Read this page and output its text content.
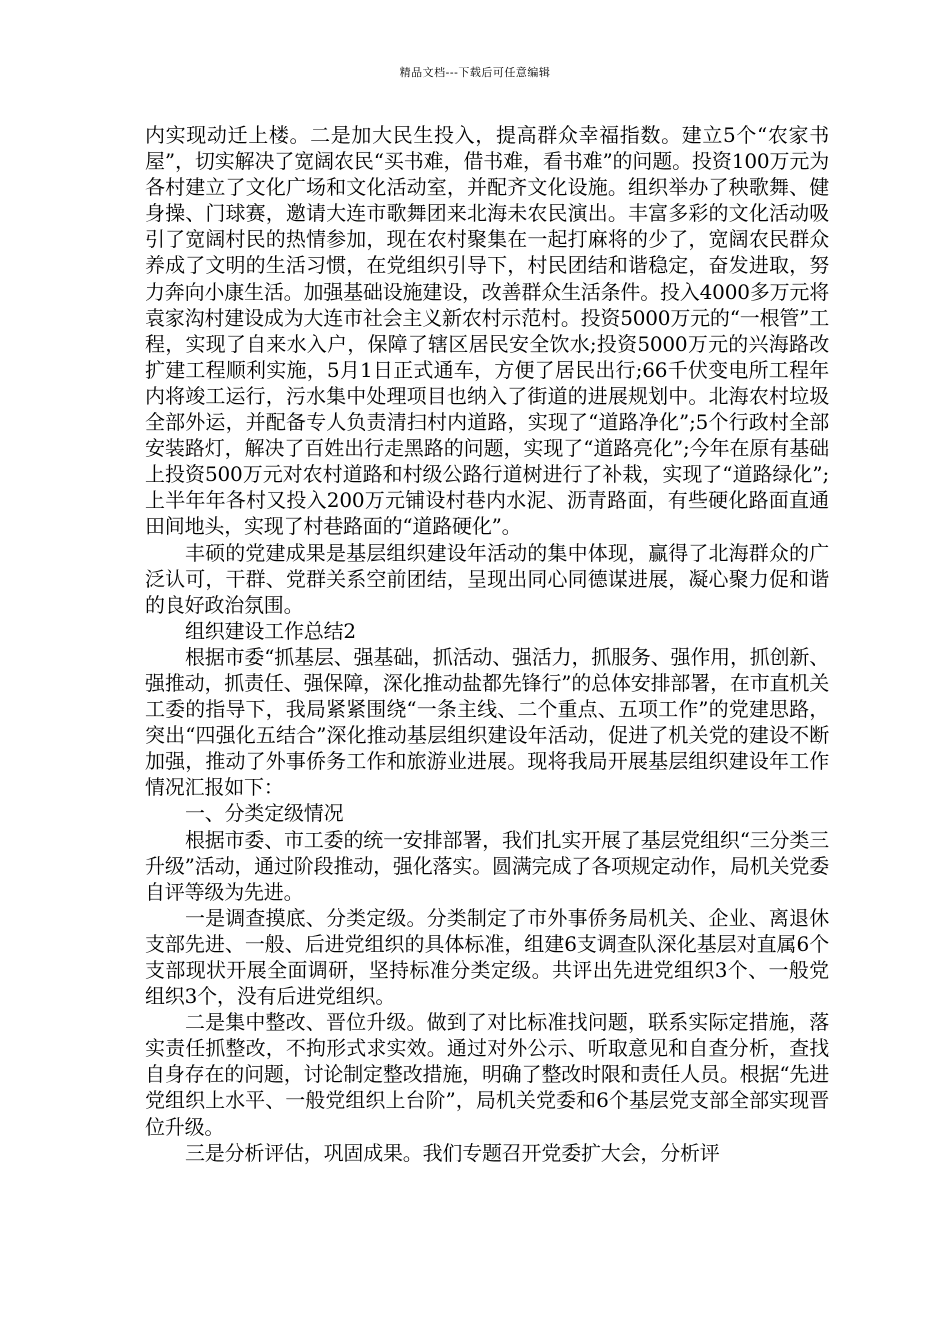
精品文档---下载后可任意编辑

内实现动迁上楼。二是加大民生投入，提高群众幸福指数。建立5个“农家书屋”，切实解决了宽阔农民“买书难，借书难，看书难”的问题。投资100万元为各村建立了文化广场和文化活动室，并配齐文化设施。组织举办了秧歌舞、健身操、门球赛，邀请大连市歌舞团来北海未农民演出。丰富多彩的文化活动吸引了宽阔村民的热情参加，现在农村聚集在一起打麻将的少了，宽阔农民群众养成了文明的生活习惯，在党组织引导下，村民团结和谐稳定，奋发进取，努力奔向小康生活。加强基础设施建设，改善群众生活条件。投入4000多万元将袁家沟村建设成为大连市社会主义新农村示范村。投资5000万元的“一根管”工程，实现了自来水入户，保障了辖区居民安全饮水;投资5000万元的兴海路改扩建工程顺利实施，5月1日正式通车，方便了居民出行;66千伏变电所工程年内将竣工运行，污水集中处理项目也纳入了街道的进展规划中。北海农村垃圾全部外运，并配备专人负责清扫村内道路，实现了“道路净化”;5个行政村全部安装路灯，解决了百姓出行走黑路的问题，实现了“道路亮化”;今年在原有基础上投资500万元对农村道路和村级公路行道树进行了补栽，实现了“道路绿化”;上半年年各村又投入200万元铺设村巷内水泥、沥青路面，有些硬化路面直通田间地头，实现了村巷路面的“道路硬化”。

丰硕的党建成果是基层组织建设年活动的集中体现，赢得了北海群众的广泛认可，干群、党群关系空前团结，呈现出同心同德谋进展，凝心聚力促和谐的良好政治氛围。

组织建设工作总结2

根据市委“抓基层、强基础，抓活动、强活力，抓服务、强作用，抓创新、强推动，抓责任、强保障，深化推动盐都先锋行”的总体安排部署，在市直机关工委的指导下，我局紧紧围绕“一条主线、二个重点、五项工作”的党建思路，突出“四强化五结合”深化推动基层组织建设年活动，促进了机关党的建设不断加强，推动了外事侨务工作和旅游业进展。现将我局开展基层组织建设年工作情况汇报如下：

一、分类定级情况

根据市委、市工委的统一安排部署，我们扎实开展了基层党组织“三分类三升级”活动，通过阶段推动，强化落实。圆满完成了各项规定动作，局机关党委自评等级为先进。

一是调查摸底、分类定级。分类制定了市外事侨务局机关、企业、离退休支部先进、一般、后进党组织的具体标准，组建6支调查队深化基层对直属6个支部现状开展全面调研，坚持标准分类定级。共评出先进党组织3个、一般党组织3个，没有后进党组织。

二是集中整改、晋位升级。做到了对比标准找问题，联系实际定措施，落实责任抓整改，不拘形式求实效。通过对外公示、听取意见和自查分析，查找自身存在的问题，讨论制定整改措施，明确了整改时限和责任人员。根据“先进党组织上水平、一般党组织上台阶”，局机关党委和6个基层党支部全部实现晋位升级。

三是分析评估，巩固成果。我们专题召开党委扩大会，分析评
